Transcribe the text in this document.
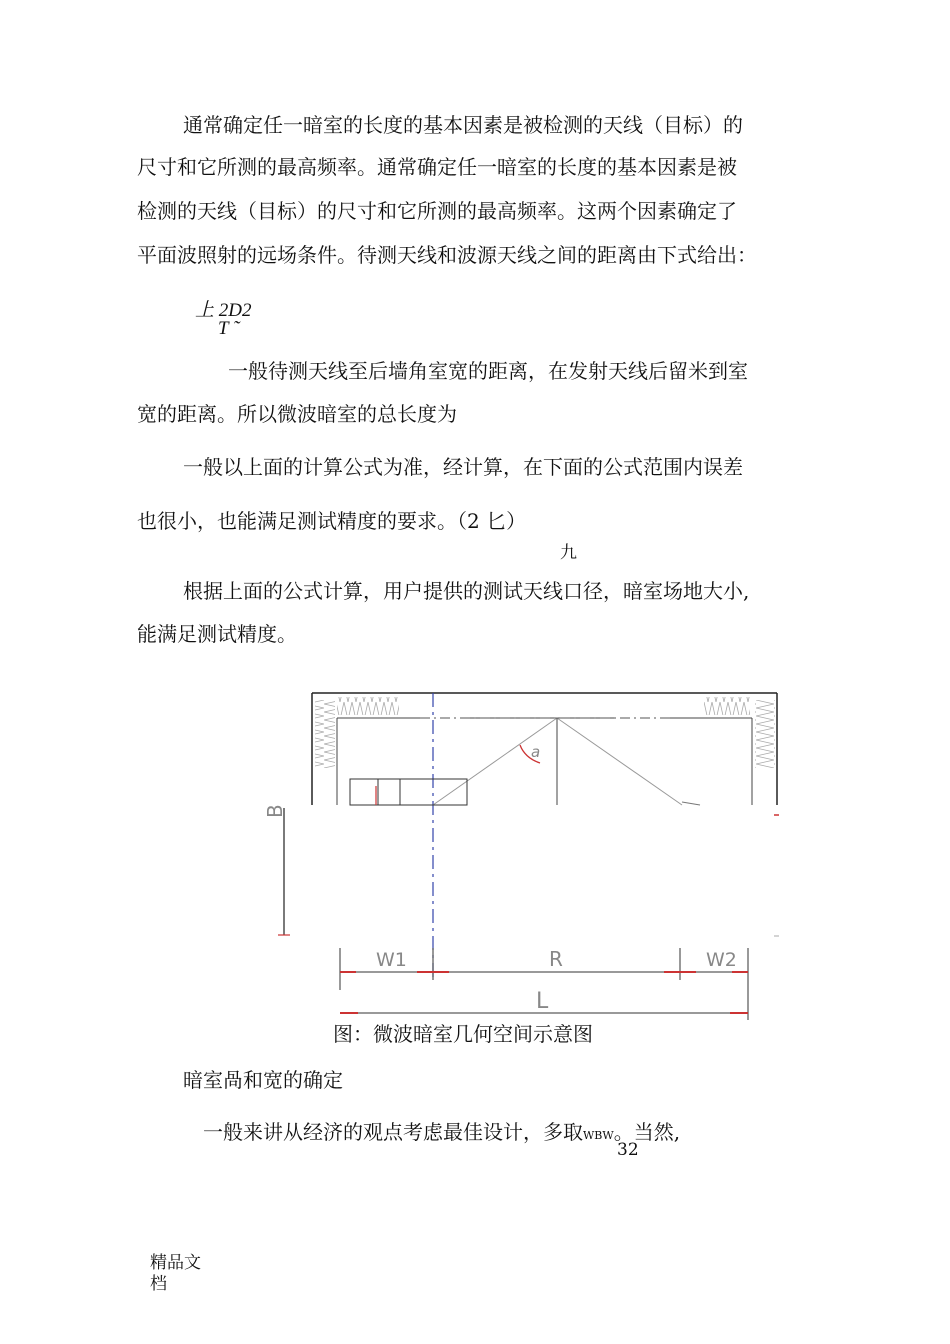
通常确定任一暗室的长度的基本因素是被检测的天线（目标）的
尺寸和它所测的最高频率。通常确定任一暗室的长度的基本因素是被
检测的天线（目标）的尺寸和它所测的最高频率。这两个因素确定了
平面波照射的远场条件。待测天线和波源天线之间的距离由下式给出：
上 2D2
T ˜
一般待测天线至后墙角室宽的距离，在发射天线后留米到室
宽的距离。所以微波暗室的总长度为
一般以上面的计算公式为准，经计算，在下面的公式范围内误差
也很小，也能满足测试精度的要求。（2 匕）
九
根据上面的公式计算，用户提供的测试天线口径，暗室场地大小,
能满足测试精度。
a
B
W1	R	W2
L
图：微波暗室几何空间示意图
暗室咼和宽的确定
一般来讲从经济的观点考虑最佳设计，多取WBW。当然,
32
精品文
档
